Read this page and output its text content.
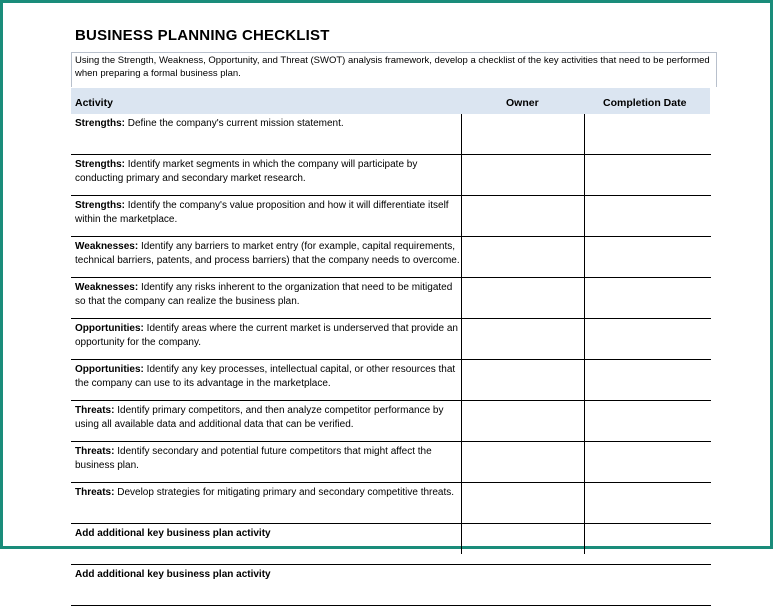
BUSINESS PLANNING CHECKLIST
Using the Strength, Weakness, Opportunity, and Threat (SWOT) analysis framework, develop a checklist of the key activities that need to be performed when preparing a formal business plan.
Activity	Owner	Completion Date
Strengths: Define the company's current mission statement.
Strengths: Identify market segments in which the company will participate by conducting primary and secondary market research.
Strengths: Identify the company's value proposition and how it will differentiate itself within the marketplace.
Weaknesses: Identify any barriers to market entry (for example, capital requirements, technical barriers, patents, and process barriers) that the company needs to overcome.
Weaknesses: Identify any risks inherent to the organization that need to be mitigated so that the company can realize the business plan.
Opportunities: Identify areas where the current market is underserved that provide an opportunity for the company.
Opportunities: Identify any key processes, intellectual capital, or other resources that the company can use to its advantage in the marketplace.
Threats: Identify primary competitors, and then analyze competitor performance by using all available data and additional data that can be verified.
Threats: Identify secondary and potential future competitors that might affect the business plan.
Threats: Develop strategies for mitigating primary and secondary competitive threats.
Add additional key business plan activity
Add additional key business plan activity
